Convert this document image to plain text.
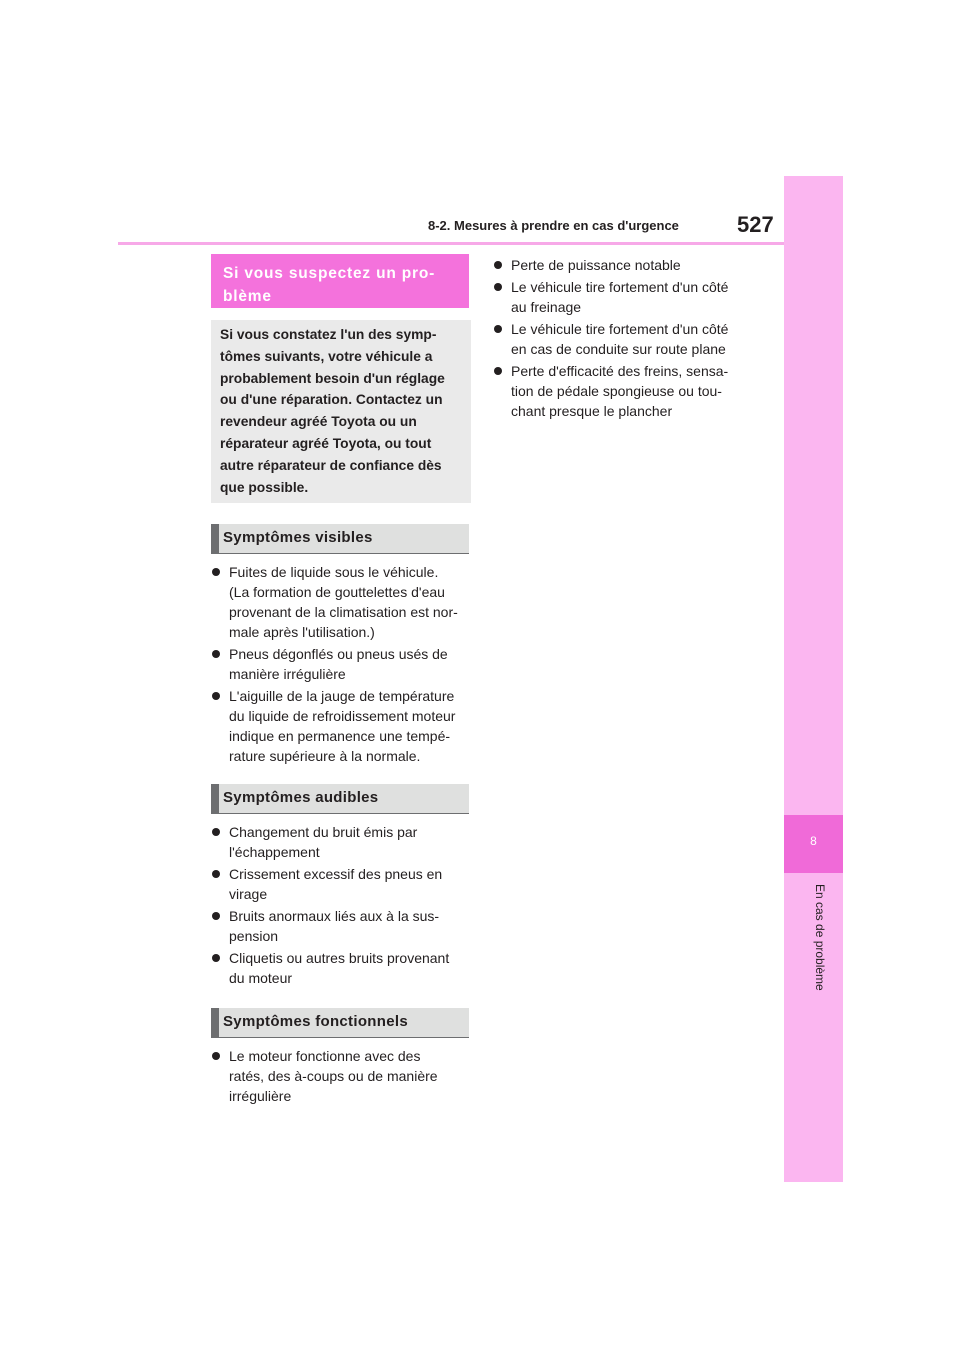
8-2. Mesures à prendre en cas d'urgence	527
8
En cas de problème
Si vous suspectez un pro-
blème
Si vous constatez l'un des symp-
tômes suivants, votre véhicule a
probablement besoin d'un réglage
ou d'une réparation. Contactez un
revendeur agréé Toyota ou un
réparateur agréé Toyota, ou tout
autre réparateur de confiance dès
que possible.
Symptômes visibles
Fuites de liquide sous le véhicule.
(La formation de gouttelettes d'eau
provenant de la climatisation est nor-
male après l'utilisation.)
Pneus dégonflés ou pneus usés de
manière irrégulière
L'aiguille de la jauge de température
du liquide de refroidissement moteur
indique en permanence une tempé-
rature supérieure à la normale.
Symptômes audibles
Changement du bruit émis par
l'échappement
Crissement excessif des pneus en
virage
Bruits anormaux liés aux à la sus-
pension
Cliquetis ou autres bruits provenant
du moteur
Symptômes fonctionnels
Le moteur fonctionne avec des
ratés, des à-coups ou de manière
irrégulière
Perte de puissance notable
Le véhicule tire fortement d'un côté
au freinage
Le véhicule tire fortement d'un côté
en cas de conduite sur route plane
Perte d'efficacité des freins, sensa-
tion de pédale spongieuse ou tou-
chant presque le plancher
